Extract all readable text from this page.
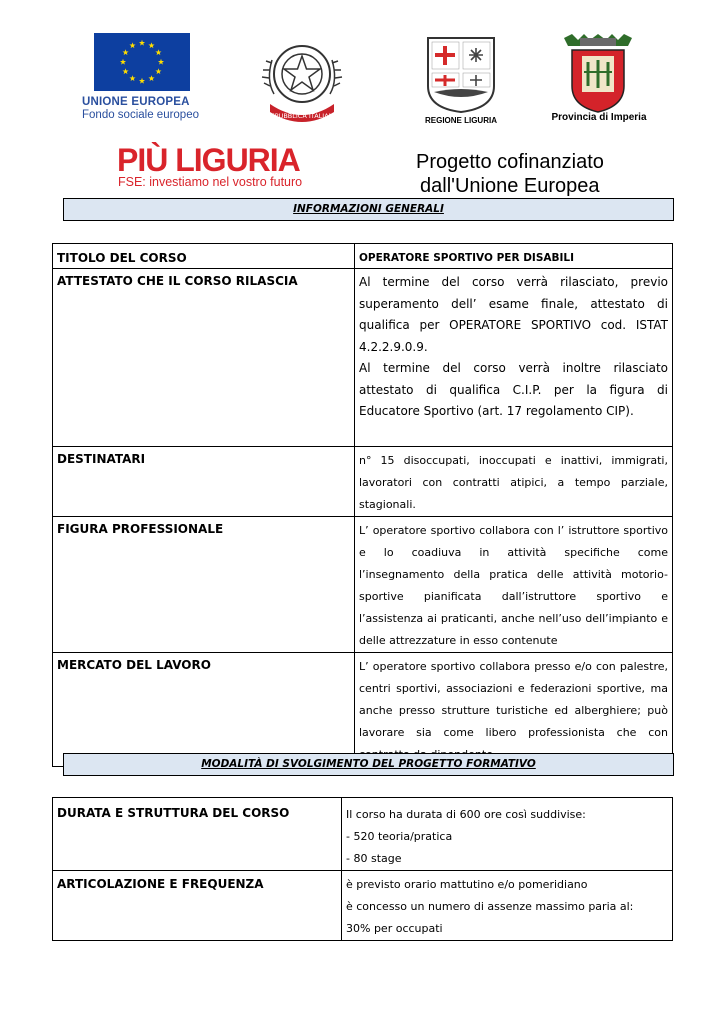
UNIONE EUROPEA
Fondo sociale europeo	REPUBBLICA ITALIANA	REGIONE LIGURIA	Provincia di Imperia
PIÙ LIGURIA
FSE: investiamo nel vostro futuro
Progetto cofinanziato
dall'Unione Europea
INFORMAZIONI GENERALI
TITOLO DEL CORSO	OPERATORE SPORTIVO PER DISABILI
ATTESTATO CHE IL CORSO RILASCIA	Al termine del corso verrà rilasciato, previo superamento dell’ esame finale, attestato di qualifica per OPERATORE SPORTIVO cod. ISTAT 4.2.2.9.0.9.

Al termine del corso verrà inoltre rilasciato attestato di qualifica C.I.P. per la figura di Educatore Sportivo (art. 17 regolamento CIP).

DESTINATARI	n° 15 disoccupati, inoccupati e inattivi, immigrati, lavoratori con contratti atipici, a tempo parziale, stagionali.
FIGURA PROFESSIONALE	L’ operatore sportivo collabora con l’ istruttore sportivo e lo coadiuva in attività specifiche come l’insegnamento della pratica delle attività motorio-sportive pianificata dall’istruttore sportivo e l’assistenza ai praticanti, anche nell’uso dell’impianto e delle attrezzature in esso contenute
MERCATO DEL LAVORO	L’ operatore sportivo collabora presso e/o con palestre, centri sportivi, associazioni e federazioni sportive, ma anche presso strutture turistiche ed alberghiere; può lavorare sia come libero professionista che con
MODALITÀ DI SVOLGIMENTO DEL PROGETTO FORMATIVO
DURATA E STRUTTURA DEL CORSO	Il corso ha durata di 600 ore così suddivise:

- 520 teoria/pratica

- 80 stage

ARTICOLAZIONE E FREQUENZA	è previsto orario mattutino e/o pomeridiano

è concesso un numero di assenze massimo paria al:

30% per occupati
